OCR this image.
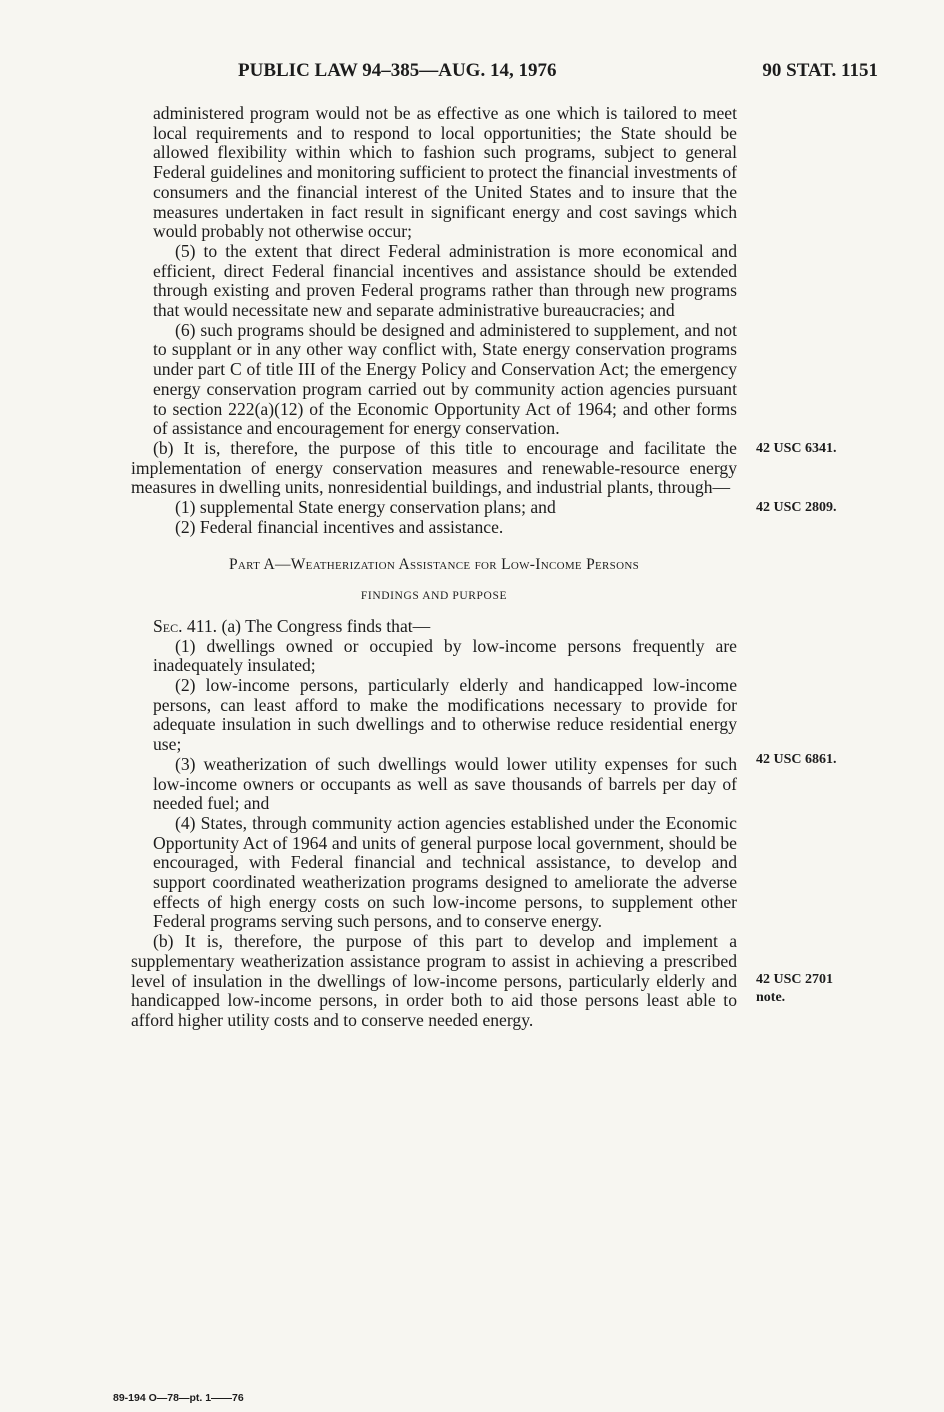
PUBLIC LAW 94–385—AUG. 14, 1976	90 STAT. 1151

administered program would not be as effective as one which is tailored to meet local requirements and to respond to local opportunities; the State should be allowed flexibility within which to fashion such programs, subject to general Federal guidelines and monitoring sufficient to protect the financial investments of consumers and the financial interest of the United States and to insure that the measures undertaken in fact result in significant energy and cost savings which would probably not otherwise occur;

(5) to the extent that direct Federal administration is more economical and efficient, direct Federal financial incentives and assistance should be extended through existing and proven Federal programs rather than through new programs that would necessitate new and separate administrative bureaucracies; and

(6) such programs should be designed and administered to supplement, and not to supplant or in any other way conflict with, State energy conservation programs under part C of title III of the Energy Policy and Conservation Act; the emergency energy conservation program carried out by community action agencies pursuant to section 222(a)(12) of the Economic Opportunity Act of 1964; and other forms of assistance and encouragement for energy conservation.

(b) It is, therefore, the purpose of this title to encourage and facilitate the implementation of energy conservation measures and renewable-resource energy measures in dwelling units, nonresidential buildings, and industrial plants, through—

(1) supplemental State energy conservation plans; and

(2) Federal financial incentives and assistance.

Part A—Weatherization Assistance for Low-Income Persons

FINDINGS AND PURPOSE

Sec. 411. (a) The Congress finds that—

(1) dwellings owned or occupied by low-income persons frequently are inadequately insulated;

(2) low-income persons, particularly elderly and handicapped low-income persons, can least afford to make the modifications necessary to provide for adequate insulation in such dwellings and to otherwise reduce residential energy use;

(3) weatherization of such dwellings would lower utility expenses for such low-income owners or occupants as well as save thousands of barrels per day of needed fuel; and

(4) States, through community action agencies established under the Economic Opportunity Act of 1964 and units of general purpose local government, should be encouraged, with Federal financial and technical assistance, to develop and support coordinated weatherization programs designed to ameliorate the adverse effects of high energy costs on such low-income persons, to supplement other Federal programs serving such persons, and to conserve energy.

(b) It is, therefore, the purpose of this part to develop and implement a supplementary weatherization assistance program to assist in achieving a prescribed level of insulation in the dwellings of low-income persons, particularly elderly and handicapped low-income persons, in order both to aid those persons least able to afford higher utility costs and to conserve needed energy.

42 USC 6341.
42 USC 2809.
42 USC 6861.
42 USC 2701
note.
89-194 O—78—pt. 1——76
